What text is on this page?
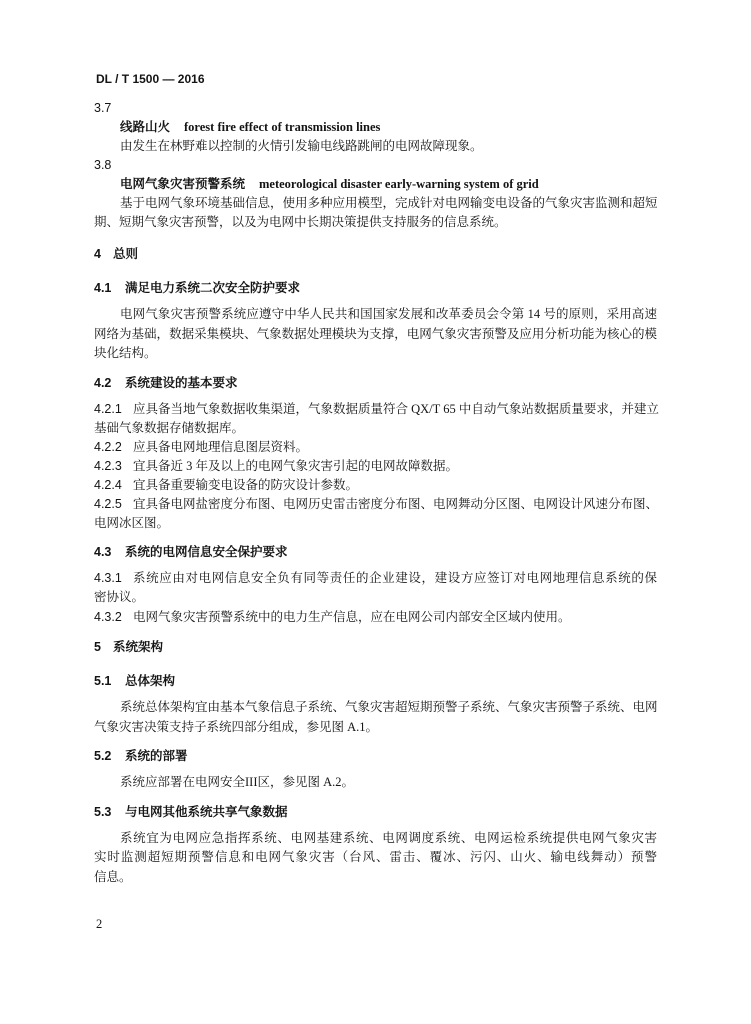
DL / T 1500 — 2016
3.7
线路山火 forest fire effect of transmission lines
由发生在林野难以控制的火情引发输电线路跳闸的电网故障现象。
3.8
电网气象灾害预警系统 meteorological disaster early-warning system of grid
基于电网气象环境基础信息，使用多种应用模型，完成针对电网输变电设备的气象灾害监测和超短
期、短期气象灾害预警，以及为电网中长期决策提供支持服务的信息系统。
4 总则
4.1 满足电力系统二次安全防护要求
电网气象灾害预警系统应遵守中华人民共和国国家发展和改革委员会令第 14 号的原则，采用高速
网络为基础，数据采集模块、气象数据处理模块为支撑，电网气象灾害预警及应用分析功能为核心的模
块化结构。
4.2 系统建设的基本要求
4.2.1 应具备当地气象数据收集渠道，气象数据质量符合 QX/T 65 中自动气象站数据质量要求，并建立
基础气象数据存储数据库。
4.2.2 应具备电网地理信息图层资料。
4.2.3 宜具备近 3 年及以上的电网气象灾害引起的电网故障数据。
4.2.4 宜具备重要输变电设备的防灾设计参数。
4.2.5 宜具备电网盐密度分布图、电网历史雷击密度分布图、电网舞动分区图、电网设计风速分布图、
电网冰区图。
4.3 系统的电网信息安全保护要求
4.3.1 系统应由对电网信息安全负有同等责任的企业建设，建设方应签订对电网地理信息系统的保
密协议。
4.3.2 电网气象灾害预警系统中的电力生产信息，应在电网公司内部安全区域内使用。
5 系统架构
5.1 总体架构
系统总体架构宜由基本气象信息子系统、气象灾害超短期预警子系统、气象灾害预警子系统、电网
气象灾害决策支持子系统四部分组成，参见图 A.1。
5.2 系统的部署
系统应部署在电网安全III区，参见图 A.2。
5.3 与电网其他系统共享气象数据
系统宜为电网应急指挥系统、电网基建系统、电网调度系统、电网运检系统提供电网气象灾害
实时监测超短期预警信息和电网气象灾害（台风、雷击、覆冰、污闪、山火、输电线舞动）预警
信息。
2
